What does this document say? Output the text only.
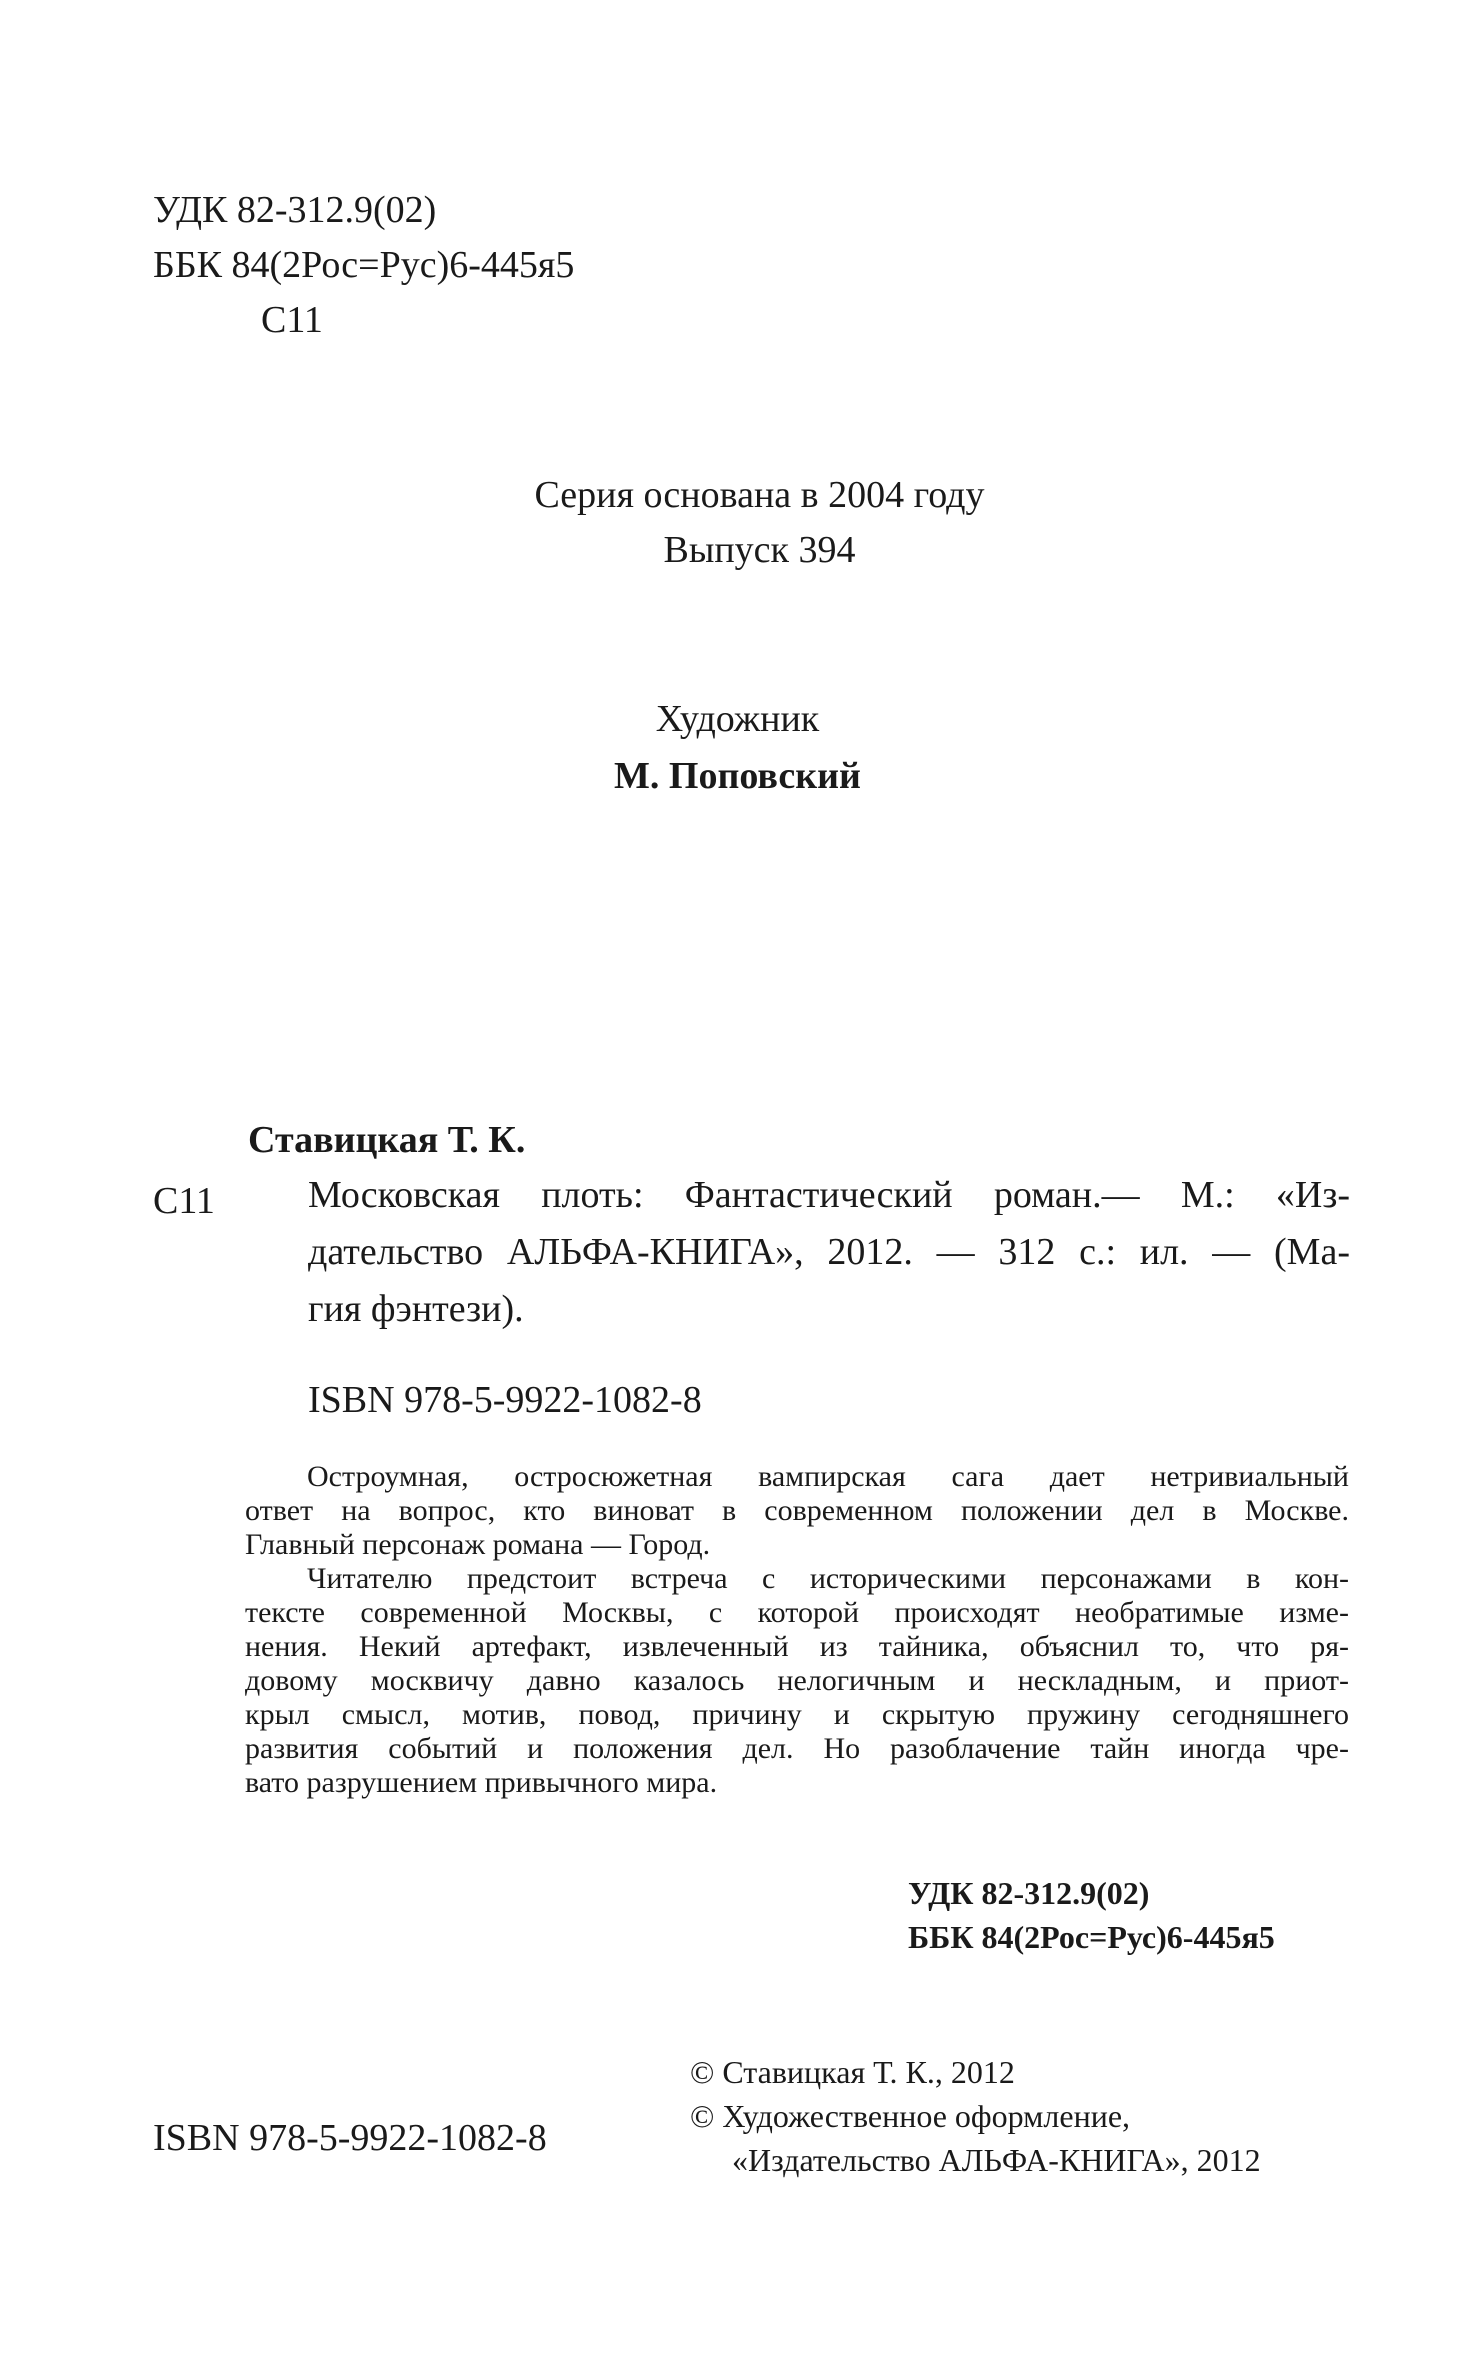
УДК 82-312.9(02)
ББК 84(2Рос=Рус)6-445я5
С11
Серия основана в 2004 году
Выпуск 394
Художник
М. Поповский
Ставицкая Т. К.
С11 Московская плоть: Фантастический роман.— М.: «Из-
дательство АЛЬФА-КНИГА», 2012. — 312 с.: ил. — (Ма-
гия фэнтези).
ISBN 978-5-9922-1082-8
Остроумная, остросюжетная вампирская сага дает нетривиальный
ответ на вопрос, кто виноват в современном положении дел в Москве.
Главный персонаж романа — Город.
Читателю предстоит встреча с историческими персонажами в кон-
тексте современной Москвы, с которой происходят необратимые изме-
нения. Некий артефакт, извлеченный из тайника, объяснил то, что ря-
довому москвичу давно казалось нелогичным и нескладным, и приот-
крыл смысл, мотив, повод, причину и скрытую пружину сегодняшнего
развития событий и положения дел. Но разоблачение тайн иногда чре-
вато разрушением привычного мира.
УДК 82-312.9(02)
ББК 84(2Рос=Рус)6-445я5
© Ставицкая Т. К., 2012
© Художественное оформление,
«Издательство АЛЬФА-КНИГА», 2012
ISBN 978-5-9922-1082-8
